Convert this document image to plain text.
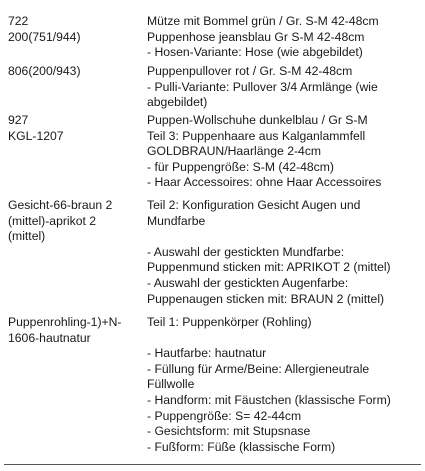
722
200(751/944)
Mütze mit Bommel grün / Gr. S-M 42-48cm
Puppenhose jeansblau Gr S-M 42-48cm
- Hosen-Variante: Hose (wie abgebildet)
806(200/943)	Puppenpullover rot / Gr. S-M 42-48cm
- Pulli-Variante: Pullover 3/4 Armlänge (wie
abgebildet)
927
KGL-1207
Puppen-Wollschuhe dunkelblau / Gr S-M
Teil 3: Puppenhaare aus Kalganlammfell
GOLDBRAUN/Haarlänge 2-4cm
- für Puppengröße: S-M (42-48cm)
- Haar Accessoires: ohne Haar Accessoires
Gesicht-66-braun 2
(mittel)-aprikot 2
(mittel)
Teil 2: Konfiguration Gesicht Augen und
Mundfarbe
- Auswahl der gestickten Mundfarbe:
Puppenmund sticken mit: APRIKOT 2 (mittel)
- Auswahl der gestickten Augenfarbe:
Puppenaugen sticken mit: BRAUN 2 (mittel)
Puppenrohling-1)+N-
1606-hautnatur
Teil 1: Puppenkörper (Rohling)
- Hautfarbe: hautnatur
- Füllung für Arme/Beine: Allergieneutrale
Füllwolle
- Handform: mit Fäustchen (klassische Form)
- Puppengröße: S= 42-44cm
- Gesichtsform: mit Stupsnase
- Fußform: Füße (klassische Form)
